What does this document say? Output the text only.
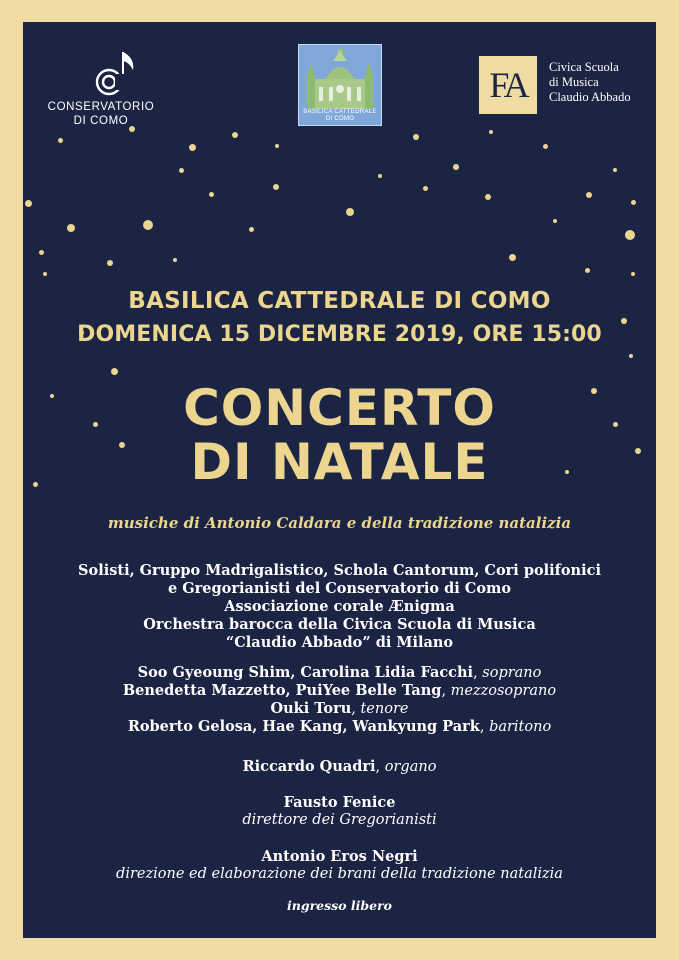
CONSERVATORIO
DI COMO
BASILICA CATTEDRALE
DI COMO
FA	Civica Scuola
di Musica
Claudio Abbado
BASILICA CATTEDRALE DI COMO
DOMENICA 15 DICEMBRE 2019, ORE 15:00
CONCERTO
DI NATALE
musiche di Antonio Caldara e della tradizione natalizia
Solisti, Gruppo Madrigalistico, Schola Cantorum, Cori polifonici
e Gregorianisti del Conservatorio di Como
Associazione corale Ænigma
Orchestra barocca della Civica Scuola di Musica
“Claudio Abbado” di Milano
Soo Gyeoung Shim, Carolina Lidia Facchi, soprano
Benedetta Mazzetto, PuiYee Belle Tang, mezzosoprano
Ouki Toru, tenore
Roberto Gelosa, Hae Kang, Wankyung Park, baritono
Riccardo Quadri, organo
Fausto Fenice
direttore dei Gregorianisti
Antonio Eros Negri
direzione ed elaborazione dei brani della tradizione natalizia
ingresso libero
